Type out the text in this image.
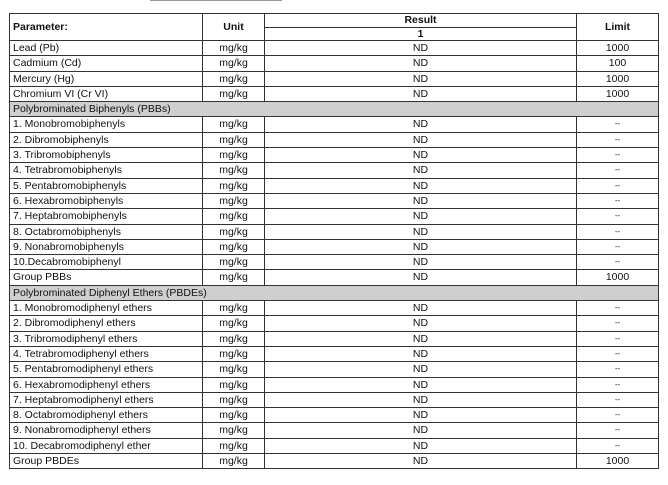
Parameter:	Unit	Result	Limit
		1	
Lead (Pb)	mg/kg	ND	1000
Cadmium (Cd)	mg/kg	ND	100
Mercury (Hg)	mg/kg	ND	1000
Chromium VI (Cr VI)	mg/kg	ND	1000
Polybrominated Biphenyls (PBBs)			
1. Monobromobiphenyls	mg/kg	ND	--
2. Dibromobiphenyls	mg/kg	ND	--
3. Tribromobiphenyls	mg/kg	ND	--
4. Tetrabromobiphenyls	mg/kg	ND	--
5. Pentabromobiphenyls	mg/kg	ND	--
6. Hexabromobiphenyls	mg/kg	ND	--
7. Heptabromobiphenyls	mg/kg	ND	--
8. Octabromobiphenyls	mg/kg	ND	--
9. Nonabromobiphenyls	mg/kg	ND	--
10.Decabromobiphenyl	mg/kg	ND	--
Group PBBs	mg/kg	ND	1000
Polybrominated Diphenyl Ethers (PBDEs)			
1. Monobromodiphenyl ethers	mg/kg	ND	--
2. Dibromodiphenyl ethers	mg/kg	ND	--
3. Tribromodiphenyl ethers	mg/kg	ND	--
4. Tetrabromodiphenyl ethers	mg/kg	ND	--
5. Pentabromodiphenyl ethers	mg/kg	ND	--
6. Hexabromodiphenyl ethers	mg/kg	ND	--
7. Heptabromodiphenyl ethers	mg/kg	ND	--
8. Octabromodiphenyl ethers	mg/kg	ND	--
9. Nonabromodiphenyl ethers	mg/kg	ND	--
10. Decabromodiphenyl ether	mg/kg	ND	--
Group PBDEs	mg/kg	ND	1000
